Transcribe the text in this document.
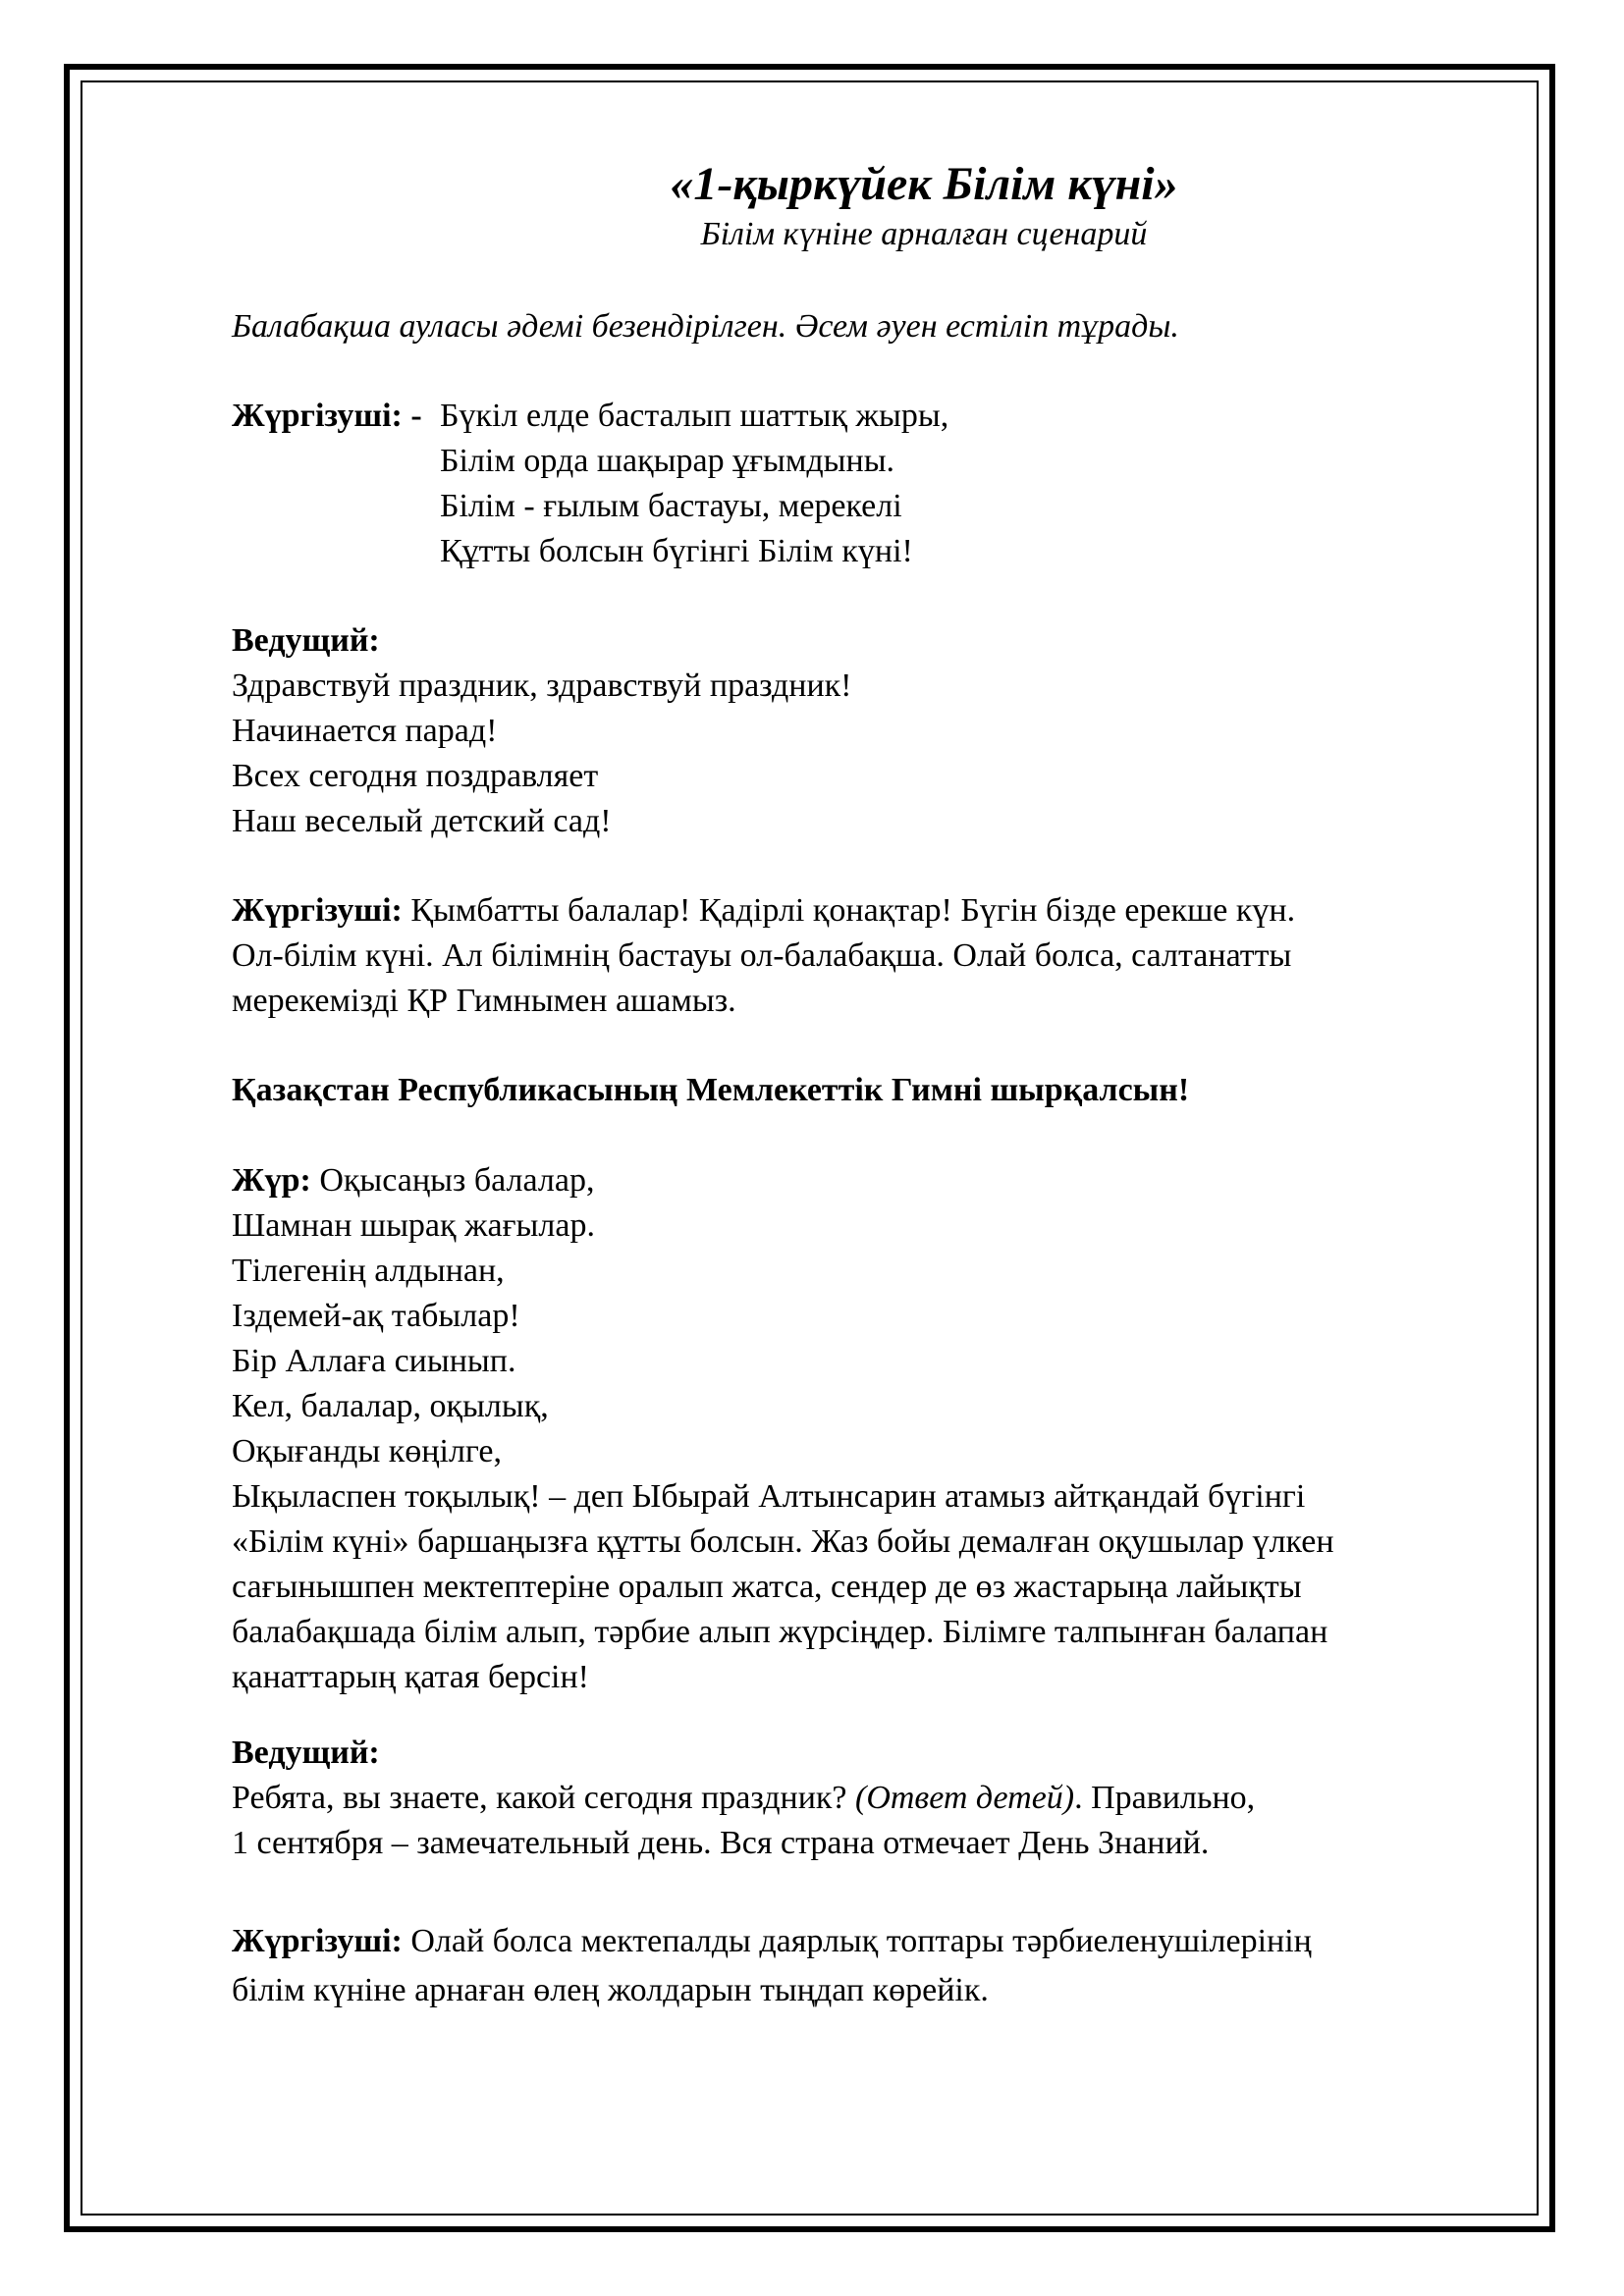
«1-қыркүйек Білім күні»
Білім күніне арналған сценарий
Балабақша ауласы әдемі безендірілген. Әсем әуен естіліп тұрады.
Жүргізуші: - Бүкіл елде басталып шаттық жыры,
Білім орда шақырар ұғымдыны.
Білім - ғылым бастауы, мерекелі
Құтты болсын бүгінгі Білім күні!
Ведущий:
Здравствуй праздник, здравствуй праздник!
Начинается парад!
Всех сегодня поздравляет
Наш веселый детский сад!
Жүргізуші: Қымбатты балалар! Қадірлі қонақтар! Бүгін бізде ерекше күн.
Ол-білім күні. Ал білімнің бастауы ол-балабақша. Олай болса, салтанатты
мерекемізді ҚР Гимнымен ашамыз.
Қазақстан Республикасының Мемлекеттік Гимні шырқалсын!
Жүр: Оқысаңыз балалар,
Шамнан шырақ жағылар.
Тілегенің алдынан,
Іздемей-ақ табылар!
Бір Аллаға сиынып.
Кел, балалар, оқылық,
Оқығанды көңілге,
Ықыласпен тоқылық! – деп Ыбырай Алтынсарин атамыз айтқандай бүгінгі
«Білім күні» баршаңызға құтты болсын. Жаз бойы демалған оқушылар үлкен
сағынышпен мектептеріне оралып жатса, сендер де өз жастарыңа лайықты
балабақшада білім алып, тәрбие алып жүрсіңдер. Білімге талпынған балапан
қанаттарың қатая берсін!
Ведущий:
Ребята, вы знаете, какой сегодня праздник? (Ответ детей). Правильно,
1 сентября – замечательный день. Вся страна отмечает День Знаний.
Жүргізуші: Олай болса мектепалды даярлық топтары тәрбиеленушілерінің
білім күніне арнаған өлең жолдарын тыңдап көрейік.
